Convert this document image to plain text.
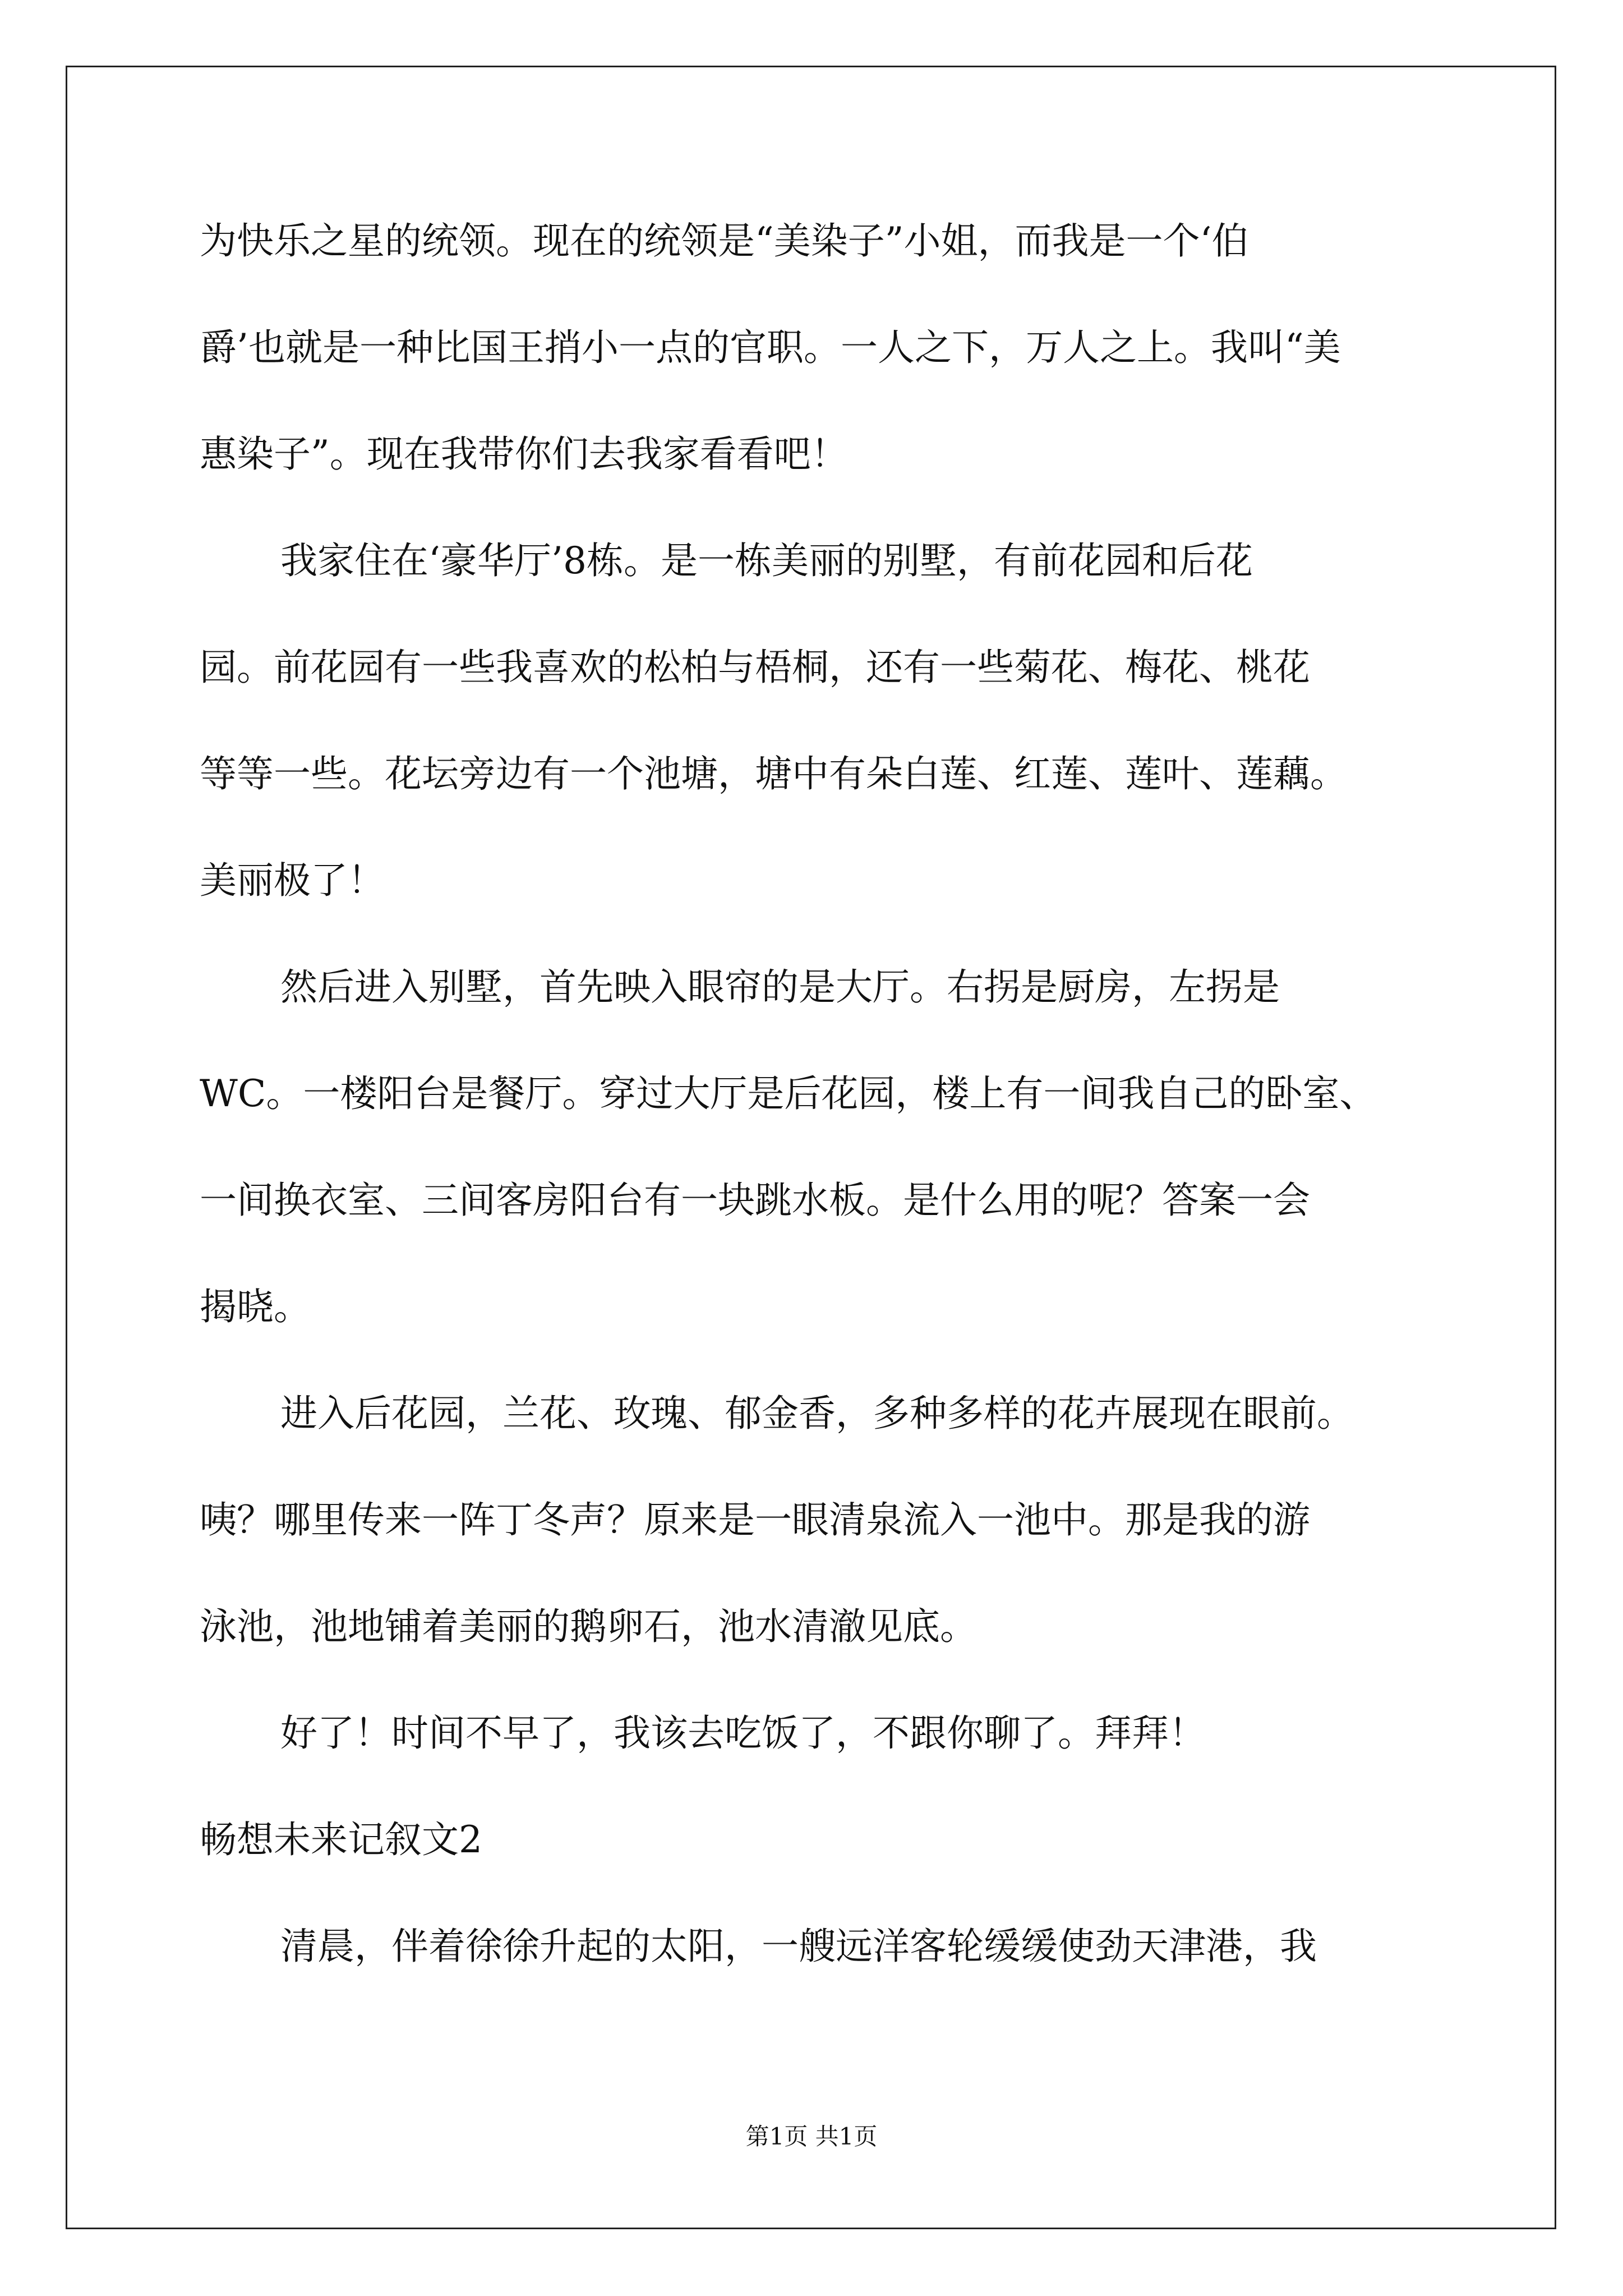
为快乐之星的统领。现在的统领是“美染子”小姐，而我是一个‘伯
爵’也就是一种比国王捎小一点的官职。一人之下，万人之上。我叫“美
惠染子”。现在我带你们去我家看看吧！
我家住在‘豪华厅’8栋。是一栋美丽的别墅，有前花园和后花
园。前花园有一些我喜欢的松柏与梧桐，还有一些菊花、梅花、桃花
等等一些。花坛旁边有一个池塘，塘中有朵白莲、红莲、莲叶、莲藕。
美丽极了！
然后进入别墅，首先映入眼帘的是大厅。右拐是厨房，左拐是
WC。一楼阳台是餐厅。穿过大厅是后花园，楼上有一间我自己的卧室、
一间换衣室、三间客房阳台有一块跳水板。是什么用的呢？答案一会
揭晓。
进入后花园，兰花、玫瑰、郁金香，多种多样的花卉展现在眼前。
咦？哪里传来一阵丁冬声？原来是一眼清泉流入一池中。那是我的游
泳池，池地铺着美丽的鹅卵石，池水清澈见底。
好了！时间不早了，我该去吃饭了，不跟你聊了。拜拜！
畅想未来记叙文2
清晨，伴着徐徐升起的太阳，一艘远洋客轮缓缓使劲天津港，我
第1页 共1页
